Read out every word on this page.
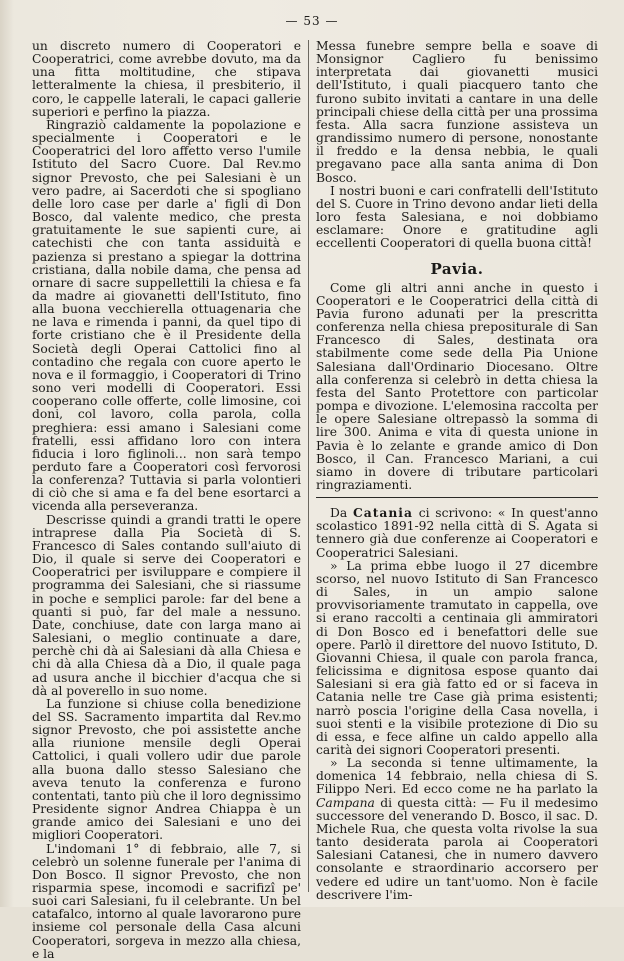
— 53 —

un discreto numero di Cooperatori e Cooperatrici, come avrebbe dovuto, ma da una fitta moltitudine, che stipava letteralmente la chiesa, il presbiterio, il coro, le cappelle laterali, le capaci gallerie superiori e perfino la piazza.

Ringraziò caldamente la popolazione e specialmente i Cooperatori e le Cooperatrici del loro affetto verso l'umile Istituto del Sacro Cuore. Dal Rev.mo signor Prevosto, che pei Salesiani è un vero padre, ai Sacerdoti che si spogliano delle loro case per darle a' figli di Don Bosco, dal valente medico, che presta gratuitamente le sue sapienti cure, ai catechisti che con tanta assiduità e pazienza si prestano a spiegar la dottrina cristiana, dalla nobile dama, che pensa ad ornare di sacre suppellettili la chiesa e fa da madre ai giovanetti dell'Istituto, fino alla buona vecchierella ottuagenaria che ne lava e rimenda i panni, da quel tipo di forte cristiano che è il Presidente della Società degli Operai Cattolici fino al contadino che regala con cuore aperto le nova e il formaggio, i Cooperatori di Trino sono veri modelli di Cooperatori. Essi cooperano colle offerte, colle limosine, coi doni, col lavoro, colla parola, colla preghiera: essi amano i Salesiani come fratelli, essi affidano loro con intera fiducia i loro figlinoli... non sarà tempo perduto fare a Cooperatori così fervorosi la conferenza? Tuttavia si parla volontieri di ciò che si ama e fa del bene esortarci a vicenda alla perseveranza.

Descrisse quindi a grandi tratti le opere intraprese dalla Pia Società di S. Francesco di Sales contando sull'aiuto di Dio, il quale si serve dei Cooperatori e Cooperatrici per isviluppare e compiere il programma dei Salesiani, che si riassume in poche e semplici parole: far del bene a quanti si può, far del male a nessuno. Date, conchiuse, date con larga mano ai Salesiani, o meglio continuate a dare, perchè chi dà ai Salesiani dà alla Chiesa e chi dà alla Chiesa dà a Dio, il quale paga ad usura anche il bicchier d'acqua che si dà al poverello in suo nome.

La funzione si chiuse colla benedizione del SS. Sacramento impartita dal Rev.mo signor Prevosto, che poi assistette anche alla riunione mensile degli Operai Cattolici, i quali vollero udir due parole alla buona dallo stesso Salesiano che aveva tenuto la conferenza e furono contentati, tanto più che il loro degnissimo Presidente signor Andrea Chiappa è un grande amico dei Salesiani e uno dei migliori Cooperatori.

L'indomani 1° di febbraio, alle 7, si celebrò un solenne funerale per l'anima di Don Bosco. Il signor Prevosto, che non risparmia spese, incomodi e sacrifizî pe' suoi cari Salesiani, fu il celebrante. Un bel catafalco, intorno al quale lavorarono pure insieme col personale della Casa alcuni Cooperatori, sorgeva in mezzo alla chiesa, e la

Messa funebre sempre bella e soave di Monsignor Cagliero fu benissimo interpretata dai giovanetti musici dell'Istituto, i quali piacquero tanto che furono subito invitati a cantare in una delle principali chiese della città per una prossima festa. Alla sacra funzione assisteva un grandissimo numero di persone, nonostante il freddo e la densa nebbia, le quali pregavano pace alla santa anima di Don Bosco.

I nostri buoni e cari confratelli dell'Istituto del S. Cuore in Trino devono andar lieti della loro festa Salesiana, e noi dobbiamo esclamare: Onore e gratitudine agli eccellenti Cooperatori di quella buona città!

Pavia.

Come gli altri anni anche in questo i Cooperatori e le Cooperatrici della città di Pavia furono adunati per la prescritta conferenza nella chiesa prepositurale di San Francesco di Sales, destinata ora stabilmente come sede della Pia Unione Salesiana dall'Ordinario Diocesano. Oltre alla conferenza si celebrò in detta chiesa la festa del Santo Protettore con particolar pompa e divozione. L'elemosina raccolta per le opere Salesiane oltrepassò la somma di lire 300. Anima e vita di questa unione in Pavia è lo zelante e grande amico di Don Bosco, il Can. Francesco Mariani, a cui siamo in dovere di tributare particolari ringraziamenti.

Da Catania ci scrivono: « In quest'anno scolastico 1891-92 nella città di S. Agata si tennero già due conferenze ai Cooperatori e Cooperatrici Salesiani.

» La prima ebbe luogo il 27 dicembre scorso, nel nuovo Istituto di San Francesco di Sales, in un ampio salone provvisoriamente tramutato in cappella, ove si erano raccolti a centinaia gli ammiratori di Don Bosco ed i benefattori delle sue opere. Parlò il direttore del nuovo Istituto, D. Giovanni Chiesa, il quale con parola franca, felicissima e dignitosa espose quanto dai Salesiani si era già fatto ed or si faceva in Catania nelle tre Case già prima esistenti; narrò poscia l'origine della Casa novella, i suoi stenti e la visibile protezione di Dio su di essa, e fece alfine un caldo appello alla carità dei signori Cooperatori presenti.

» La seconda si tenne ultimamente, la domenica 14 febbraio, nella chiesa di S. Filippo Neri. Ed ecco come ne ha parlato la Campana di questa città: — Fu il medesimo successore del venerando D. Bosco, il sac. D. Michele Rua, che questa volta rivolse la sua tanto desiderata parola ai Cooperatori Salesiani Catanesi, che in numero davvero consolante e straordinario accorsero per vedere ed udire un tant'uomo. Non è facile descrivere l'im-
